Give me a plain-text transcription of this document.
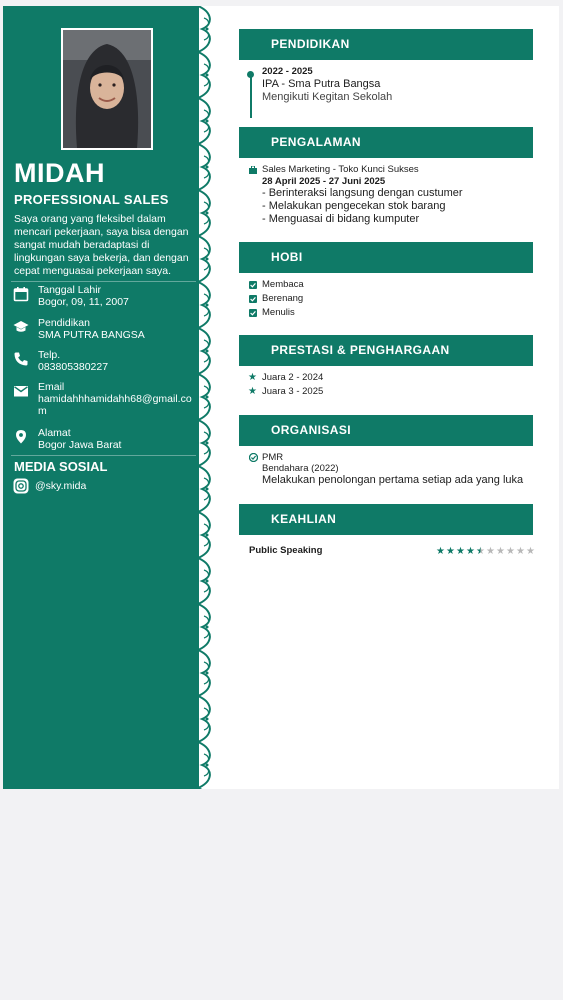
MIDAH
PROFESSIONAL SALES
Saya orang yang fleksibel dalam mencari pekerjaan, saya bisa dengan sangat mudah beradaptasi di lingkungan saya bekerja, dan dengan cepat menguasai pekerjaan saya.
Tanggal Lahir
Bogor, 09, 11, 2007
Pendidikan
SMA PUTRA BANGSA
Telp.
083805380227
Email
hamidahhhamidahh68@gmail.com
Alamat
Bogor Jawa Barat
MEDIA SOSIAL
@sky.mida
PENDIDIKAN
2022 - 2025
IPA - Sma Putra Bangsa
Mengikuti Kegitan Sekolah
PENGALAMAN
Sales Marketing - Toko Kunci Sukses
28 April 2025 - 27 Juni 2025
- Berinteraksi langsung dengan custumer
- Melakukan pengecekan stok barang
- Menguasai di bidang kumputer
HOBI
Membaca
Berenang
Menulis
PRESTASI & PENGHARGAAN
★ Juara 2 - 2024
★ Juara 3 - 2025
ORGANISASI
PMR
Bendahara (2022)
Melakukan penolongan pertama setiap ada yang luka
KEAHLIAN
Public Speaking	★ ★ ★ ★ ★ ★ ★ ★ ★ ★
